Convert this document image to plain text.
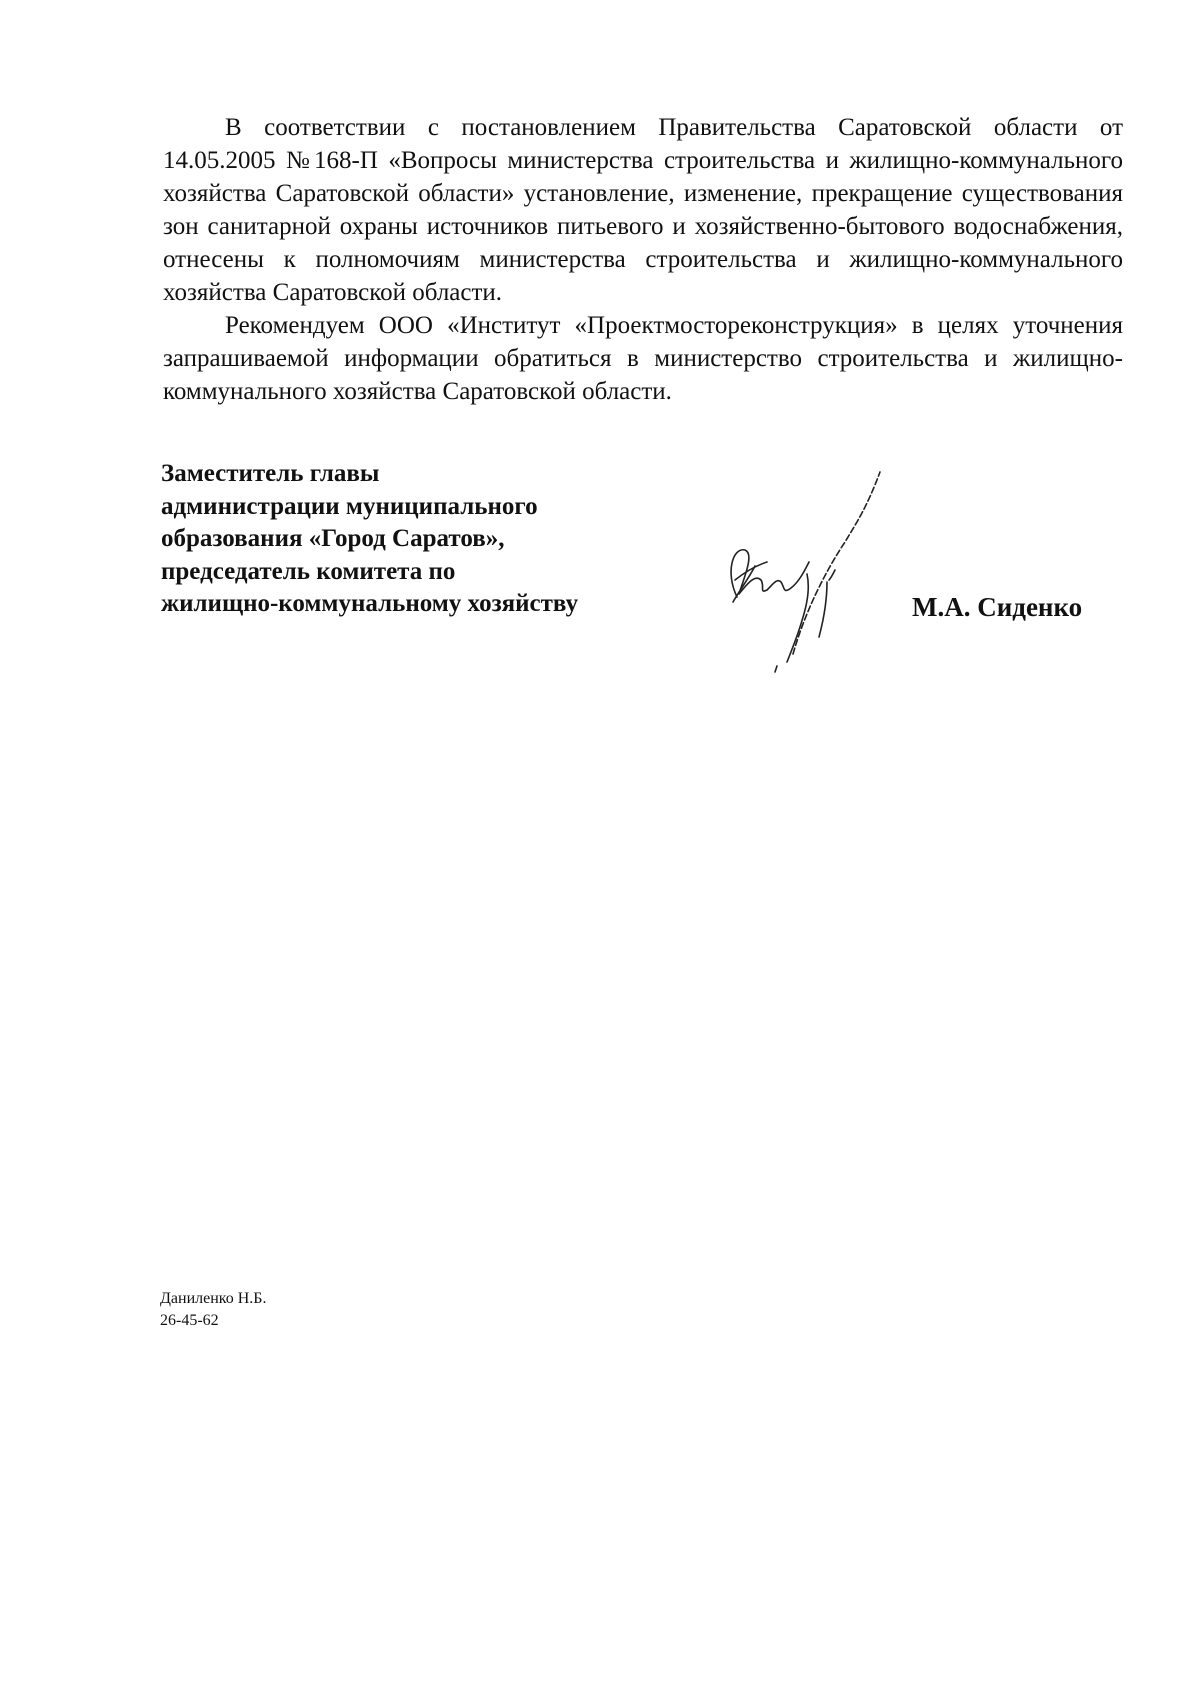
В соответствии с постановлением Правительства Саратовской области от 14.05.2005 №168-П «Вопросы министерства строительства и жилищно-коммунального хозяйства Саратовской области» установление, изменение, прекращение существования зон санитарной охраны источников питьевого и хозяйственно-бытового водоснабжения, отнесены к полномочиям министерства строительства и жилищно-коммунального хозяйства Саратовской области.

Рекомендуем ООО «Институт «Проектмостореконструкция» в целях уточнения запрашиваемой информации обратиться в министерство строительства и жилищно-коммунального хозяйства Саратовской области.

Заместитель главы
администрации муниципального
образования «Город Саратов»,
председатель комитета по
жилищно-коммунальному хозяйству	М.А. Сиденко
Даниленко Н.Б.
26-45-62
